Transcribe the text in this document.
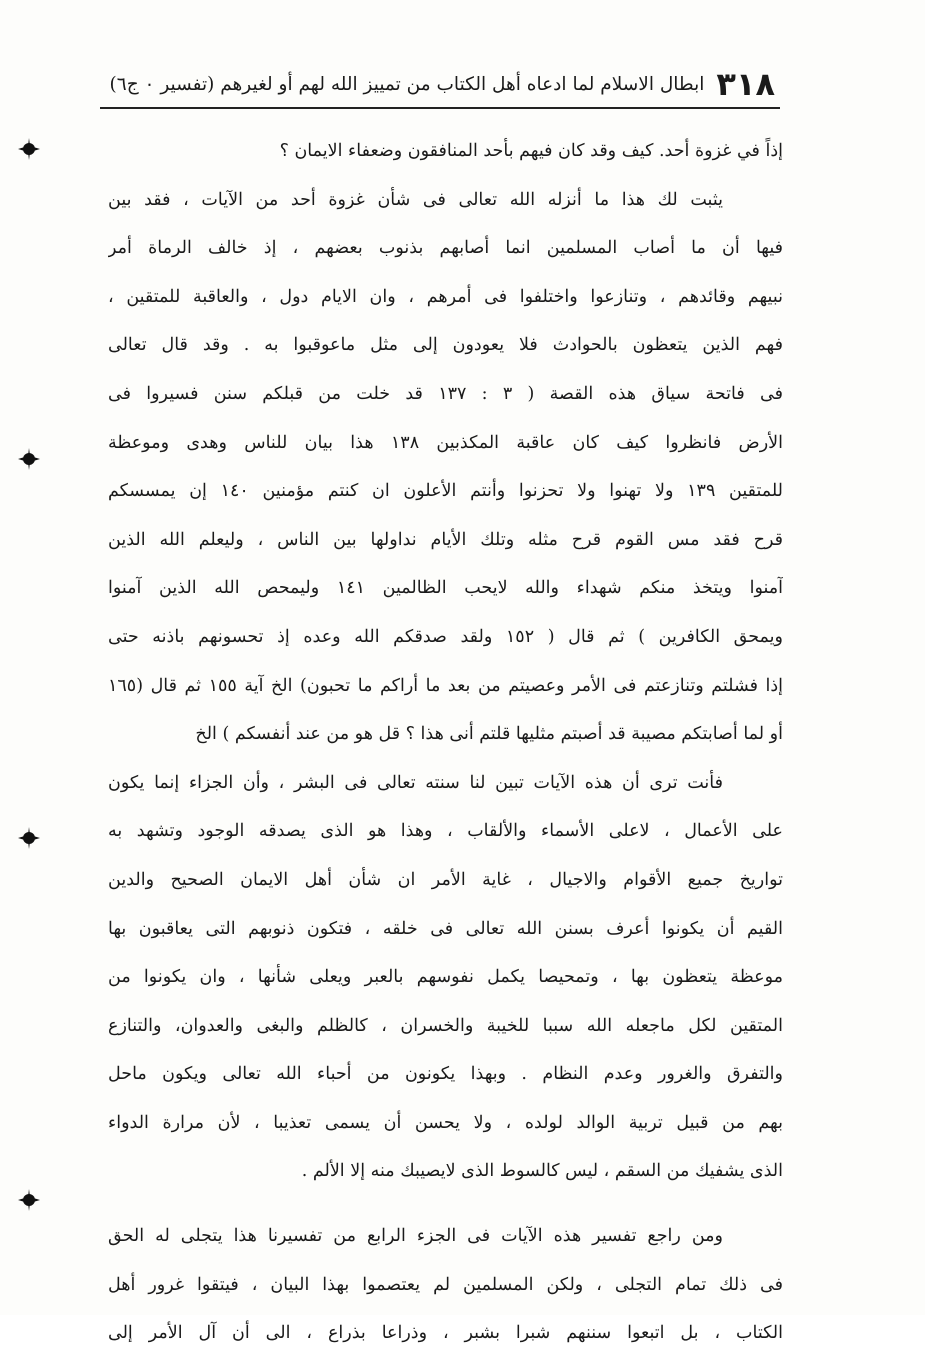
٣١٨
ابطال الاسلام لما ادعاه أهل الكتاب من تمييز الله لهم أو لغيرهم (تفسير ٠ ج٦)
إذاً في غزوة أحد. كيف وقد كان فيهم بأحد المنافقون وضعفاء الايمان ؟
يثبت لك هذا ما أنزله الله تعالى فى شأن غزوة أحد من الآيات ، فقد بين
فيها أن ما أصاب المسلمين انما أصابهم بذنوب بعضهم ، إذ خالف الرماة أمر
نبيهم وقائدهم ، وتنازعوا واختلفوا فى أمرهم ، وان الايام دول ، والعاقبة للمتقين ،
فهم الذين يتعظون بالحوادث فلا يعودون إلى مثل ماعوقبوا به . وقد قال تعالى
فى فاتحة سياق هذه القصة ( ٣ : ١٣٧ قد خلت من قبلكم سنن فسيروا فى
الأرض فانظروا كيف كان عاقبة المكذبين ١٣٨ هذا بيان للناس وهدى وموعظة
للمتقين ١٣٩ ولا تهنوا ولا تحزنوا وأنتم الأعلون ان كنتم مؤمنين ١٤٠ إن يمسسكم
قرح فقد مس القوم قرح مثله وتلك الأيام نداولها بين الناس ، وليعلم الله الذين
آمنوا ويتخذ منكم شهداء والله لايحب الظالمين ١٤١ وليمحص الله الذين آمنوا
ويمحق الكافرين ) ثم قال ( ١٥٢ ولقد صدقكم الله وعده إذ تحسونهم باذنه حتى
إذا فشلتم وتنازعتم فى الأمر وعصيتم من بعد ما أراكم ما تحبون) الخ آية ١٥٥ ثم قال (١٦٥
أو لما أصابتكم مصيبة قد أصبتم مثليها قلتم أنى هذا ؟ قل هو من عند أنفسكم ) الخ
فأنت ترى أن هذه الآيات تبين لنا سنته تعالى فى البشر ، وأن الجزاء إنما يكون
على الأعمال ، لاعلى الأسماء والألقاب ، وهذا هو الذى يصدقه الوجود وتشهد به
تواريخ جميع الأقوام والاجيال ، غاية الأمر ان شأن أهل الايمان الصحيح والدين
القيم أن يكونوا أعرف بسنن الله تعالى فى خلقه ، فتكون ذنوبهم التى يعاقبون بها
موعظة يتعظون بها ، وتمحيصا يكمل نفوسهم بالعبر ويعلى شأنها ، وان يكونوا من
المتقين لكل ماجعله الله سببا للخيبة والخسران ، كالظلم والبغى والعدوان، والتنازع
والتفرق والغرور وعدم النظام . وبهذا يكونون من أحباء الله تعالى ويكون ماحل
بهم من قبيل تربية الوالد لولده ، ولا يحسن أن يسمى تعذيبا ، لأن مرارة الدواء
الذى يشفيك من السقم ، ليس كالسوط الذى لايصيبك منه إلا الألم .
ومن راجع تفسير هذه الآيات فى الجزء الرابع من تفسيرنا هذا يتجلى له الحق
فى ذلك تمام التجلى ، ولكن المسلمين لم يعتصموا بهذا البيان ، فيتقوا غرور أهل
الكتاب ، بل اتبعوا سننهم شبرا بشبر ، وذراعا بذراع ، الى أن آل الأمر إلى
